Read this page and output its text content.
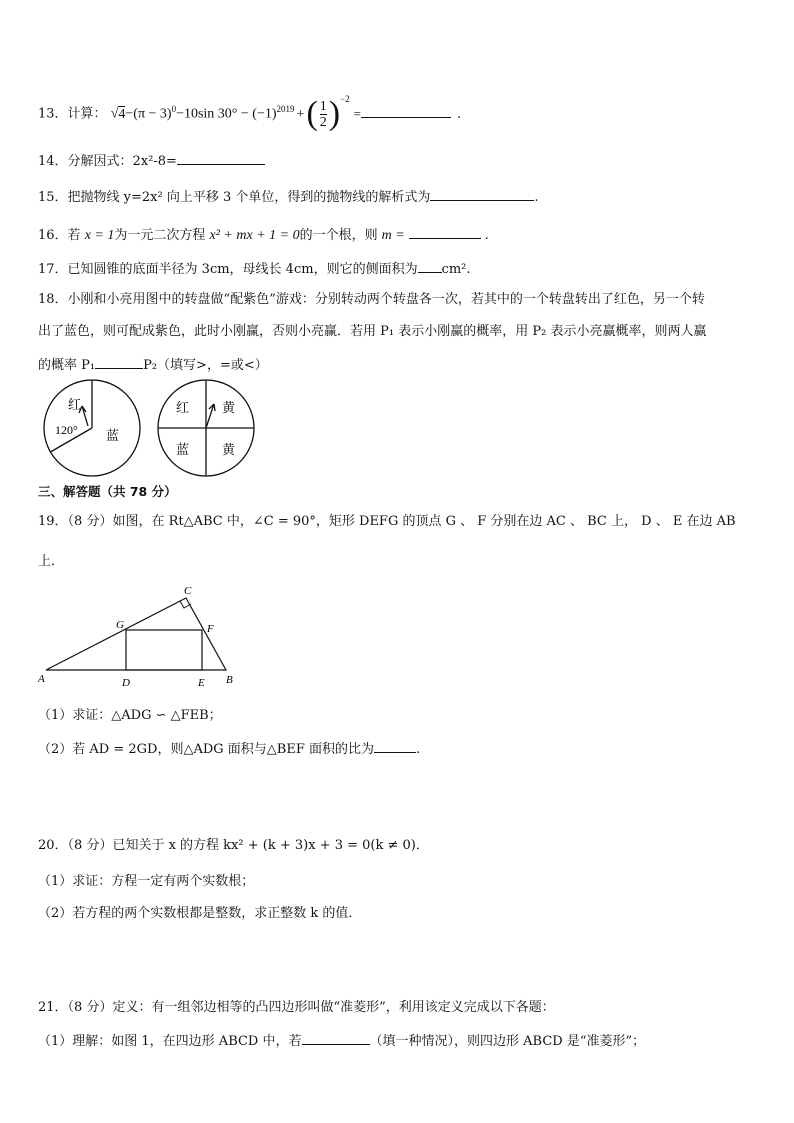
13．计算： $√4-(\pi - 3)^0-10\sin$ $30^\circ - (-1)^{2019}$ +( $\frac{1}{2} )^{-2}=$	.
14．分解因式：2x²-8=
15．把抛物线 y=2x² 向上平移 3 个单位，得到的抛物线的解析式为	.
16．若 x = 1为一元二次方程 x² + mx + 1 = 0的一个根，则 m =	.
17．已知圆锥的底面半径为 3cm，母线长 4cm，则它的侧面积为 cm².
18．小刚和小亮用图中的转盘做“配紫色”游戏：分别转动两个转盘各一次，若其中的一个转盘转出了红色，另一个转
出了蓝色，则可配成紫色，此时小刚赢，否则小亮赢．若用 P₁ 表示小刚赢的概率，用 P₂ 表示小亮赢概率，则两人赢
的概率 P₁	P₂（填写>，=或<）
红
蓝
120°
红	黄
蓝	黄
三、解答题（共 78 分）
19．（8 分）如图，在 Rt△ABC 中，∠C = 90°，矩形 DEFG 的顶点 G 、 F 分别在边 AC 、 BC 上， D 、 E 在边 AB
上．
A	D	E B
G	F
C
（1）求证：△ADG ∽ △FEB；
（2）若 AD = 2GD，则△ADG 面积与△BEF 面积的比为	.
20．（8 分）已知关于 x 的方程 kx² + (k + 3)x + 3 = 0(k ≠ 0)．
（1）求证：方程一定有两个实数根；
（2）若方程的两个实数根都是整数，求正整数 k 的值．
21．（8 分）定义：有一组邻边相等的凸四边形叫做“准菱形”，利用该定义完成以下各题：
（1）理解：如图 1，在四边形 ABCD 中，若	（填一种情况），则四边形 ABCD 是“准菱形”；
